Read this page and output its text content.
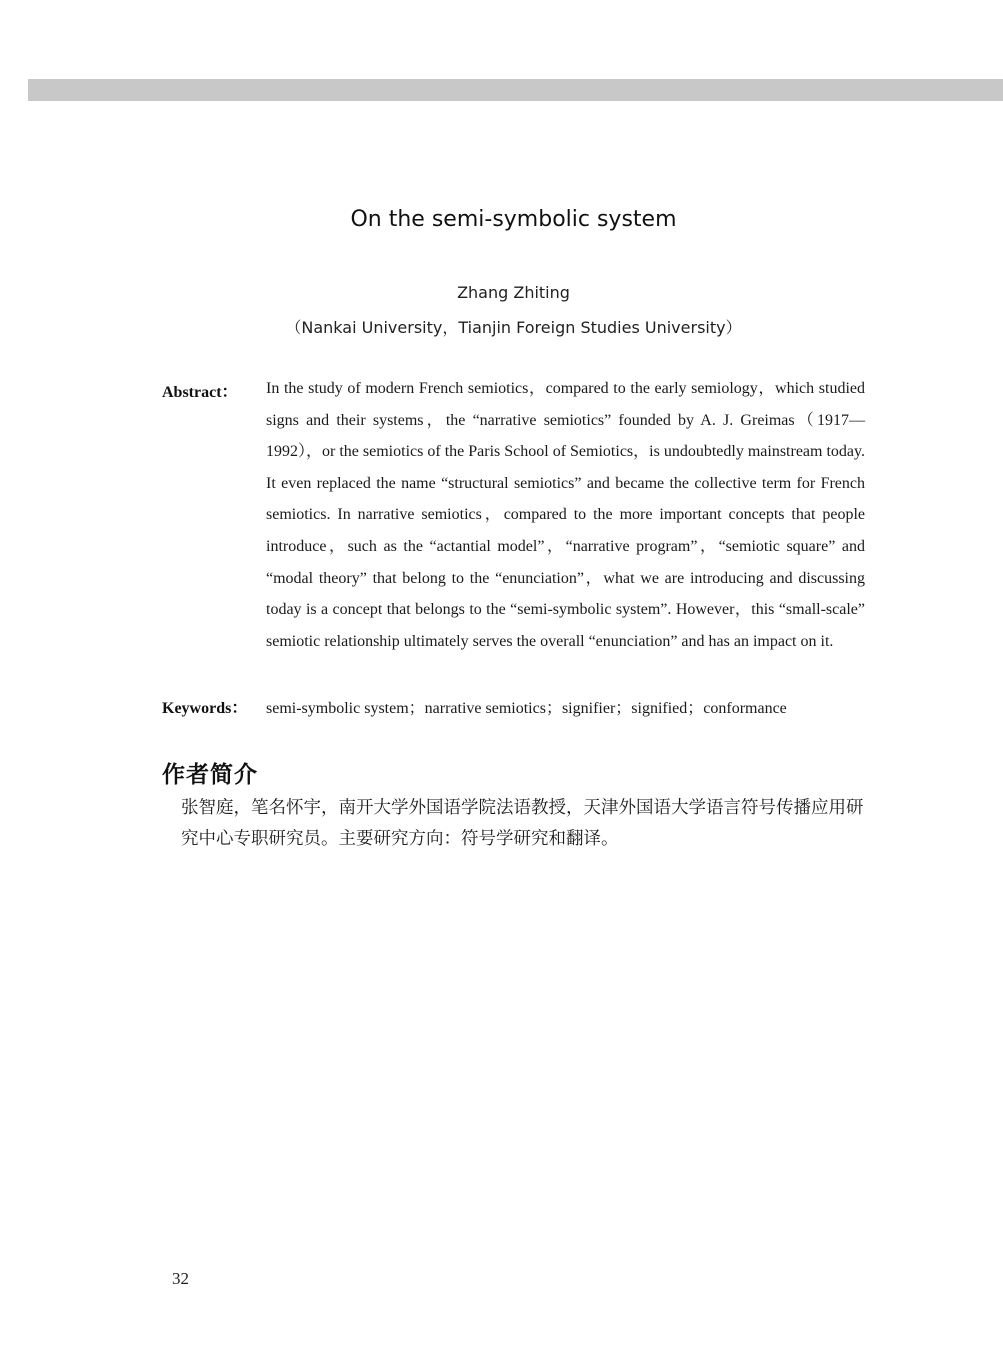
On the semi-symbolic system
Zhang Zhiting
（Nankai University，Tianjin Foreign Studies University）
Abstract： In the study of modern French semiotics，compared to the early semiology，which studied signs and their systems，the “narrative semiotics” founded by A. J. Greimas（1917—1992），or the semiotics of the Paris School of Semiotics，is undoubtedly mainstream today. It even replaced the name “structural semiotics” and became the collective term for French semiotics. In narrative semiotics，compared to the more important concepts that people introduce，such as the “actantial model”，“narrative program”，“semiotic square” and “modal theory” that belong to the “enunciation”，what we are introducing and discussing today is a concept that belongs to the “semi-symbolic system”. However，this “small-scale” semiotic relationship ultimately serves the overall “enunciation” and has an impact on it.

Keywords： semi-symbolic system；narrative semiotics；signifier；signified；conformance
作者简介

张智庭，笔名怀宇，南开大学外国语学院法语教授，天津外国语大学语言符号传播应用研究中心专职研究员。主要研究方向：符号学研究和翻译。

32
